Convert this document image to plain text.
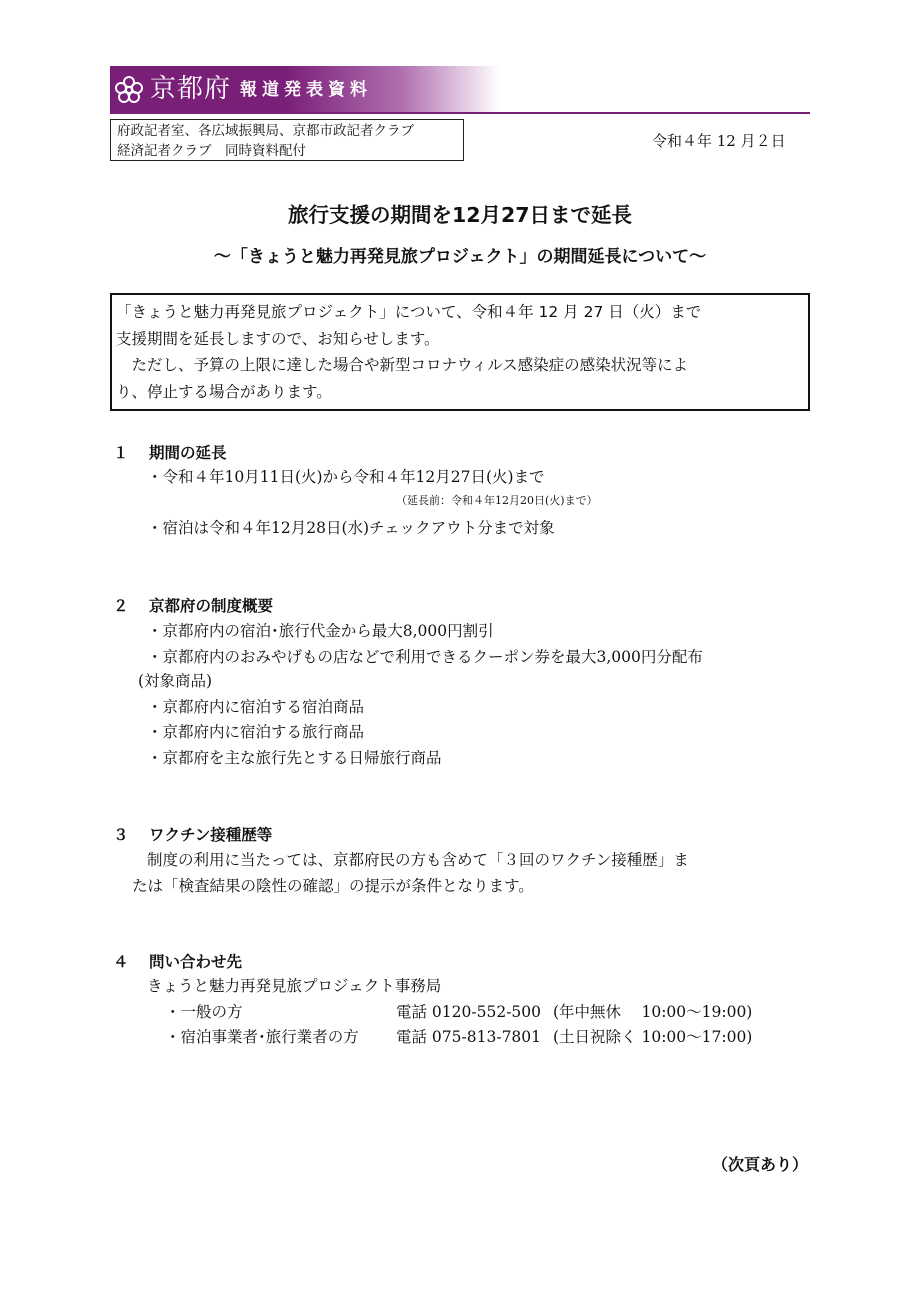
京都府 報道発表資料
府政記者室、各広域振興局、京都市政記者クラブ
経済記者クラブ　同時資料配付
令和４年 12 月２日
旅行支援の期間を12月27日まで延長
～「きょうと魅力再発見旅プロジェクト」の期間延長について～
「きょうと魅力再発見旅プロジェクト」について、令和４年 12 月 27 日（火）まで
支援期間を延長しますので、お知らせします。
　ただし、予算の上限に達した場合や新型コロナウィルス感染症の感染状況等によ
り、停止する場合があります。
１ 期間の延長
・令和４年10月11日(火)から令和４年12月27日(火)まで
（延長前：令和４年12月20日(火)まで）
・宿泊は令和４年12月28日(水)チェックアウト分まで対象
２ 京都府の制度概要
・京都府内の宿泊･旅行代金から最大8,000円割引
・京都府内のおみやげもの店などで利用できるクーポン券を最大3,000円分配布
(対象商品)
・京都府内に宿泊する宿泊商品
・京都府内に宿泊する旅行商品
・京都府を主な旅行先とする日帰旅行商品
３ ワクチン接種歴等
制度の利用に当たっては、京都府民の方も含めて「３回のワクチン接種歴」ま
たは「検査結果の陰性の確認」の提示が条件となります。
４ 問い合わせ先
きょうと魅力再発見旅プロジェクト事務局
・一般の方	電話 0120-552-500 (年中無休　 10:00～19:00)
・宿泊事業者･旅行業者の方 電話 075-813-7801 (土日祝除く 10:00～17:00)
（次頁あり）
